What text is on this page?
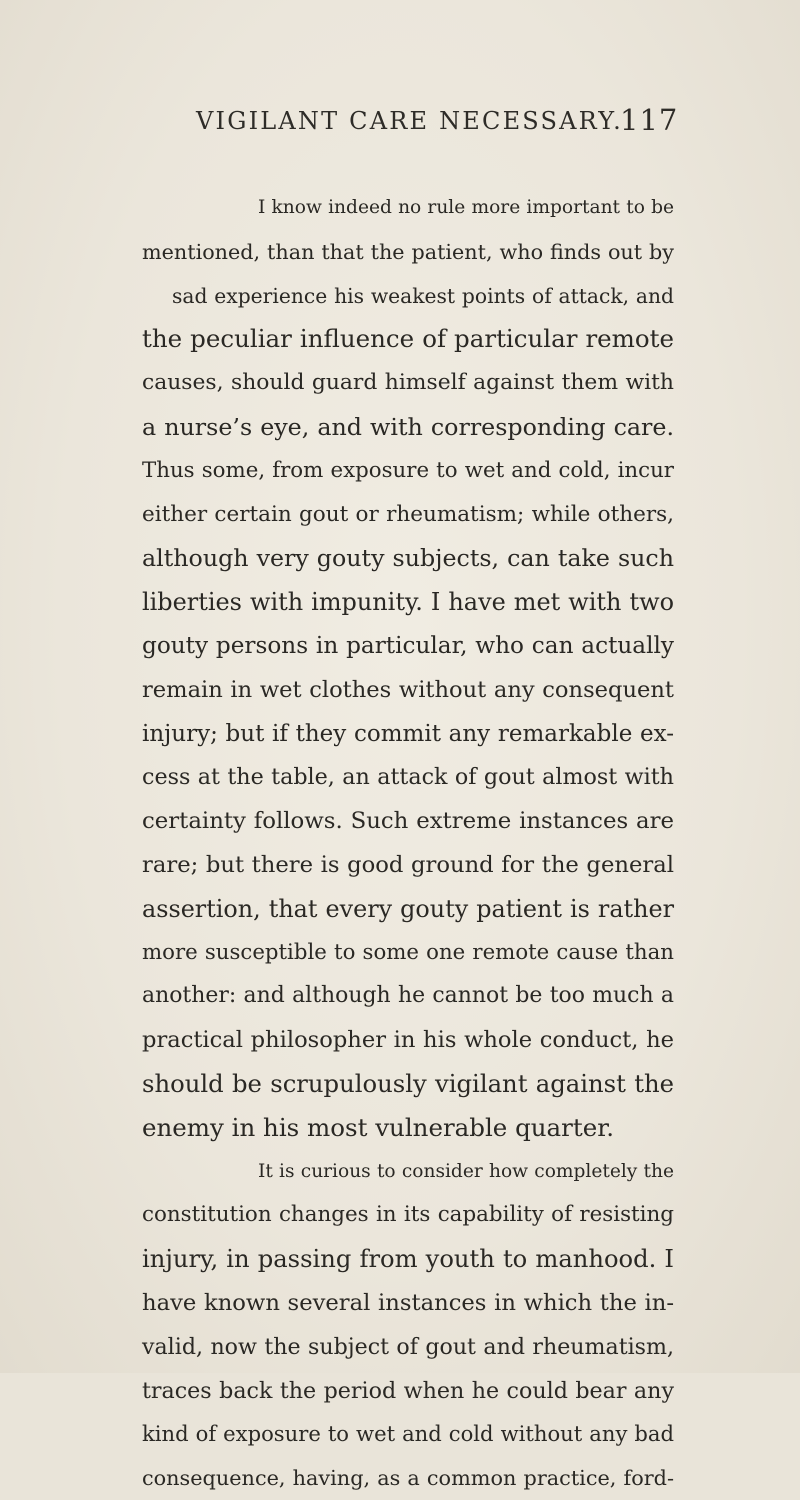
VIGILANT CARE NECESSARY.
117
I know indeed no rule more important to be
mentioned, than that the patient, who finds out by
sad experience his weakest points of attack, and
the peculiar influence of particular remote
causes, should guard himself against them with
a nurse’s eye, and with corresponding care.
Thus some, from exposure to wet and cold, incur
either certain gout or rheumatism; while others,
although very gouty subjects, can take such
liberties with impunity. I have met with two
gouty persons in particular, who can actually
remain in wet clothes without any consequent
injury; but if they commit any remarkable ex-
cess at the table, an attack of gout almost with
certainty follows. Such extreme instances are
rare; but there is good ground for the general
assertion, that every gouty patient is rather
more susceptible to some one remote cause than
another: and although he cannot be too much a
practical philosopher in his whole conduct, he
should be scrupulously vigilant against the
enemy in his most vulnerable quarter.
It is curious to consider how completely the
constitution changes in its capability of resisting
injury, in passing from youth to manhood. I
have known several instances in which the in-
valid, now the subject of gout and rheumatism,
traces back the period when he could bear any
kind of exposure to wet and cold without any bad
consequence, having, as a common practice, ford-
